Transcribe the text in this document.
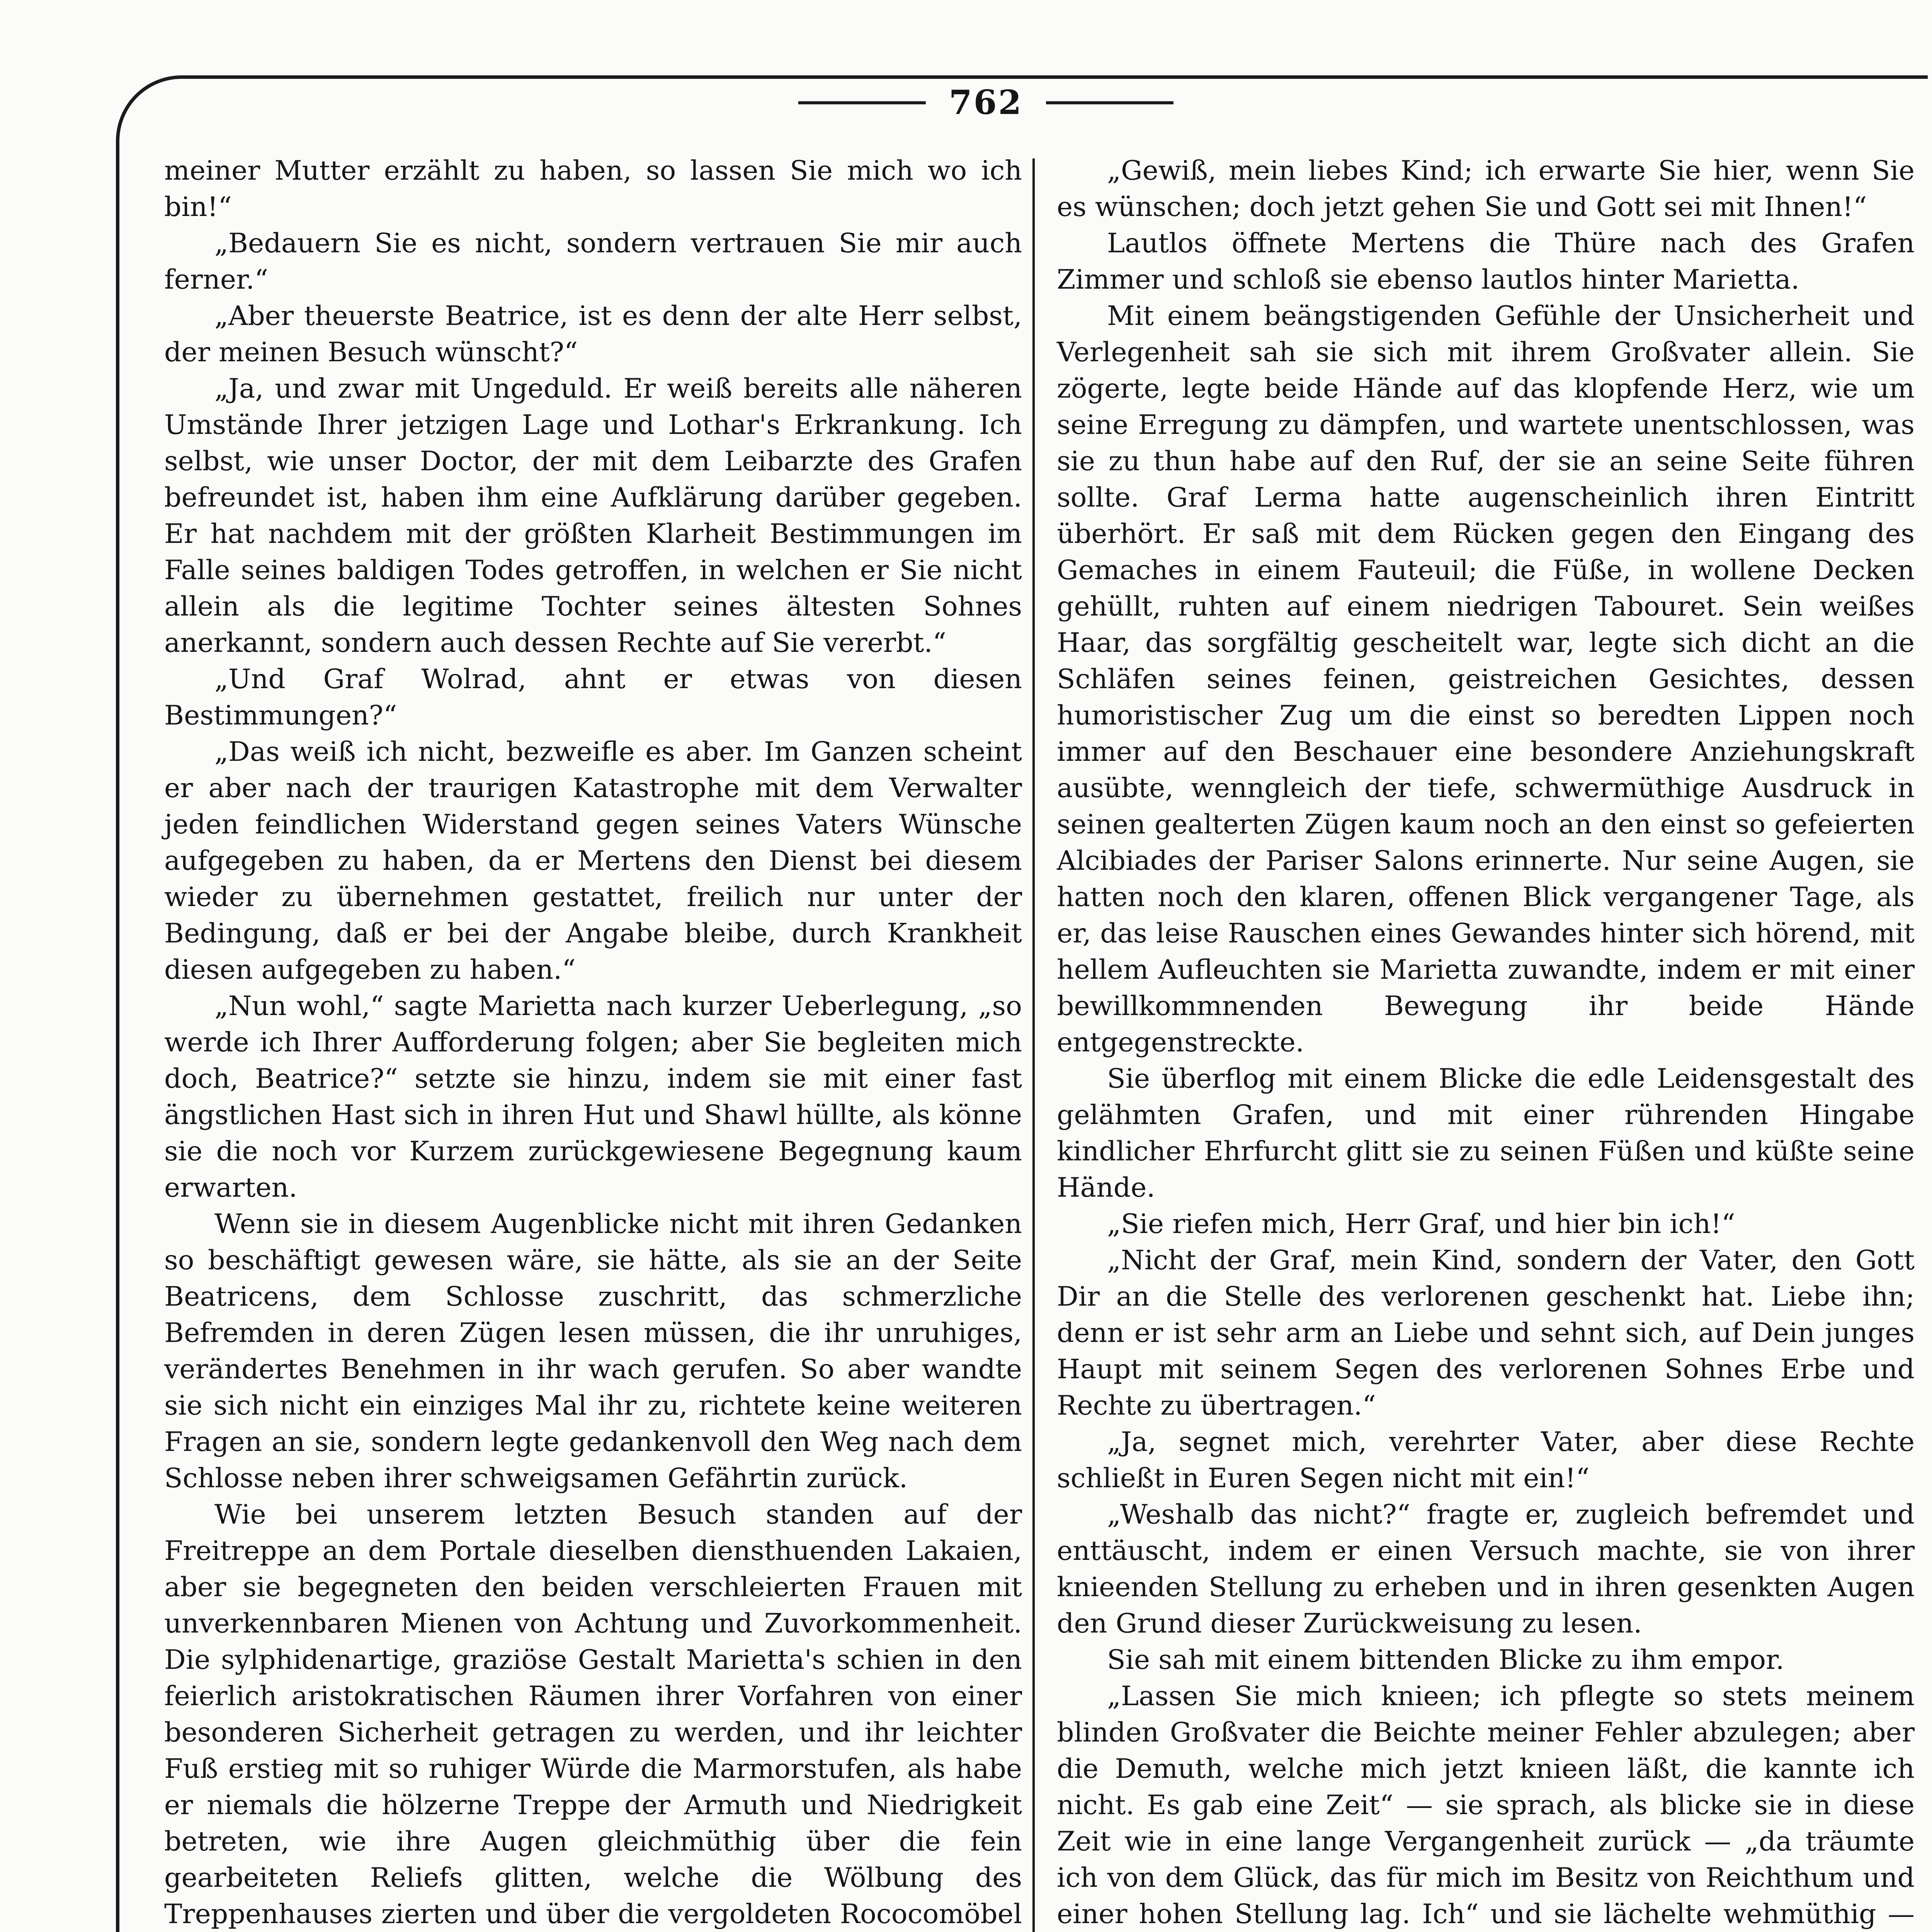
762

meiner Mutter erzählt zu haben, so lassen Sie mich wo ich bin!“

„Bedauern Sie es nicht, sondern vertrauen Sie mir auch ferner.“

„Aber theuerste Beatrice, ist es denn der alte Herr selbst, der meinen Besuch wünscht?“

„Ja, und zwar mit Ungeduld. Er weiß bereits alle näheren Umstände Ihrer jetzigen Lage und Lothar's Erkrankung. Ich selbst, wie unser Doctor, der mit dem Leibarzte des Grafen befreundet ist, haben ihm eine Aufklärung darüber gegeben. Er hat nachdem mit der größten Klarheit Bestimmungen im Falle seines baldigen Todes getroffen, in welchen er Sie nicht allein als die legitime Tochter seines ältesten Sohnes anerkannt, sondern auch dessen Rechte auf Sie vererbt.“

„Und Graf Wolrad, ahnt er etwas von diesen Bestimmungen?“

„Das weiß ich nicht, bezweifle es aber. Im Ganzen scheint er aber nach der traurigen Katastrophe mit dem Verwalter jeden feindlichen Widerstand gegen seines Vaters Wünsche aufgegeben zu haben, da er Mertens den Dienst bei diesem wieder zu übernehmen gestattet, freilich nur unter der Bedingung, daß er bei der Angabe bleibe, durch Krankheit diesen aufgegeben zu haben.“

„Nun wohl,“ sagte Marietta nach kurzer Ueberlegung, „so werde ich Ihrer Aufforderung folgen; aber Sie begleiten mich doch, Beatrice?“ setzte sie hinzu, indem sie mit einer fast ängstlichen Hast sich in ihren Hut und Shawl hüllte, als könne sie die noch vor Kurzem zurückgewiesene Begegnung kaum erwarten.

Wenn sie in diesem Augenblicke nicht mit ihren Gedanken so beschäftigt gewesen wäre, sie hätte, als sie an der Seite Beatricens, dem Schlosse zuschritt, das schmerzliche Befremden in deren Zügen lesen müssen, die ihr unruhiges, verändertes Benehmen in ihr wach gerufen. So aber wandte sie sich nicht ein einziges Mal ihr zu, richtete keine weiteren Fragen an sie, sondern legte gedankenvoll den Weg nach dem Schlosse neben ihrer schweigsamen Gefährtin zurück.

Wie bei unserem letzten Besuch standen auf der Freitreppe an dem Portale dieselben diensthuenden Lakaien, aber sie begegneten den beiden verschleierten Frauen mit unverkennbaren Mienen von Achtung und Zuvorkommenheit. Die sylphidenartige, graziöse Gestalt Marietta's schien in den feierlich aristokratischen Räumen ihrer Vorfahren von einer besonderen Sicherheit getragen zu werden, und ihr leichter Fuß erstieg mit so ruhiger Würde die Marmorstufen, als habe er niemals die hölzerne Treppe der Armuth und Niedrigkeit betreten, wie ihre Augen gleichmüthig über die fein gearbeiteten Reliefs glitten, welche die Wölbung des Treppenhauses zierten und über die vergoldeten Rococomöbel

„Gewiß, mein liebes Kind; ich erwarte Sie hier, wenn Sie es wünschen; doch jetzt gehen Sie und Gott sei mit Ihnen!“

Lautlos öffnete Mertens die Thüre nach des Grafen Zimmer und schloß sie ebenso lautlos hinter Marietta.

Mit einem beängstigenden Gefühle der Unsicherheit und Verlegenheit sah sie sich mit ihrem Großvater allein. Sie zögerte, legte beide Hände auf das klopfende Herz, wie um seine Erregung zu dämpfen, und wartete unentschlossen, was sie zu thun habe auf den Ruf, der sie an seine Seite führen sollte. Graf Lerma hatte augenscheinlich ihren Eintritt überhört. Er saß mit dem Rücken gegen den Eingang des Gemaches in einem Fauteuil; die Füße, in wollene Decken gehüllt, ruhten auf einem niedrigen Tabouret. Sein weißes Haar, das sorgfältig gescheitelt war, legte sich dicht an die Schläfen seines feinen, geistreichen Gesichtes, dessen humoristischer Zug um die einst so beredten Lippen noch immer auf den Beschauer eine besondere Anziehungskraft ausübte, wenngleich der tiefe, schwermüthige Ausdruck in seinen gealterten Zügen kaum noch an den einst so gefeierten Alcibiades der Pariser Salons erinnerte. Nur seine Augen, sie hatten noch den klaren, offenen Blick vergangener Tage, als er, das leise Rauschen eines Gewandes hinter sich hörend, mit hellem Aufleuchten sie Marietta zuwandte, indem er mit einer bewillkommnenden Bewegung ihr beide Hände entgegenstreckte.

Sie überflog mit einem Blicke die edle Leidensgestalt des gelähmten Grafen, und mit einer rührenden Hingabe kindlicher Ehrfurcht glitt sie zu seinen Füßen und küßte seine Hände.

„Sie riefen mich, Herr Graf, und hier bin ich!“

„Nicht der Graf, mein Kind, sondern der Vater, den Gott Dir an die Stelle des verlorenen geschenkt hat. Liebe ihn; denn er ist sehr arm an Liebe und sehnt sich, auf Dein junges Haupt mit seinem Segen des verlorenen Sohnes Erbe und Rechte zu übertragen.“

„Ja, segnet mich, verehrter Vater, aber diese Rechte schließt in Euren Segen nicht mit ein!“

„Weshalb das nicht?“ fragte er, zugleich befremdet und enttäuscht, indem er einen Versuch machte, sie von ihrer knieenden Stellung zu erheben und in ihren gesenkten Augen den Grund dieser Zurückweisung zu lesen.

Sie sah mit einem bittenden Blicke zu ihm empor.

„Lassen Sie mich knieen; ich pflegte so stets meinem blinden Großvater die Beichte meiner Fehler abzulegen; aber die Demuth, welche mich jetzt knieen läßt, die kannte ich nicht. Es gab eine Zeit“ — sie sprach, als blicke sie in diese Zeit wie in eine lange Vergangenheit zurück — „da träumte ich von dem Glück, das für mich im Besitz von Reichthum und einer hohen Stellung lag. Ich“ und sie lächelte wehmüthig —
